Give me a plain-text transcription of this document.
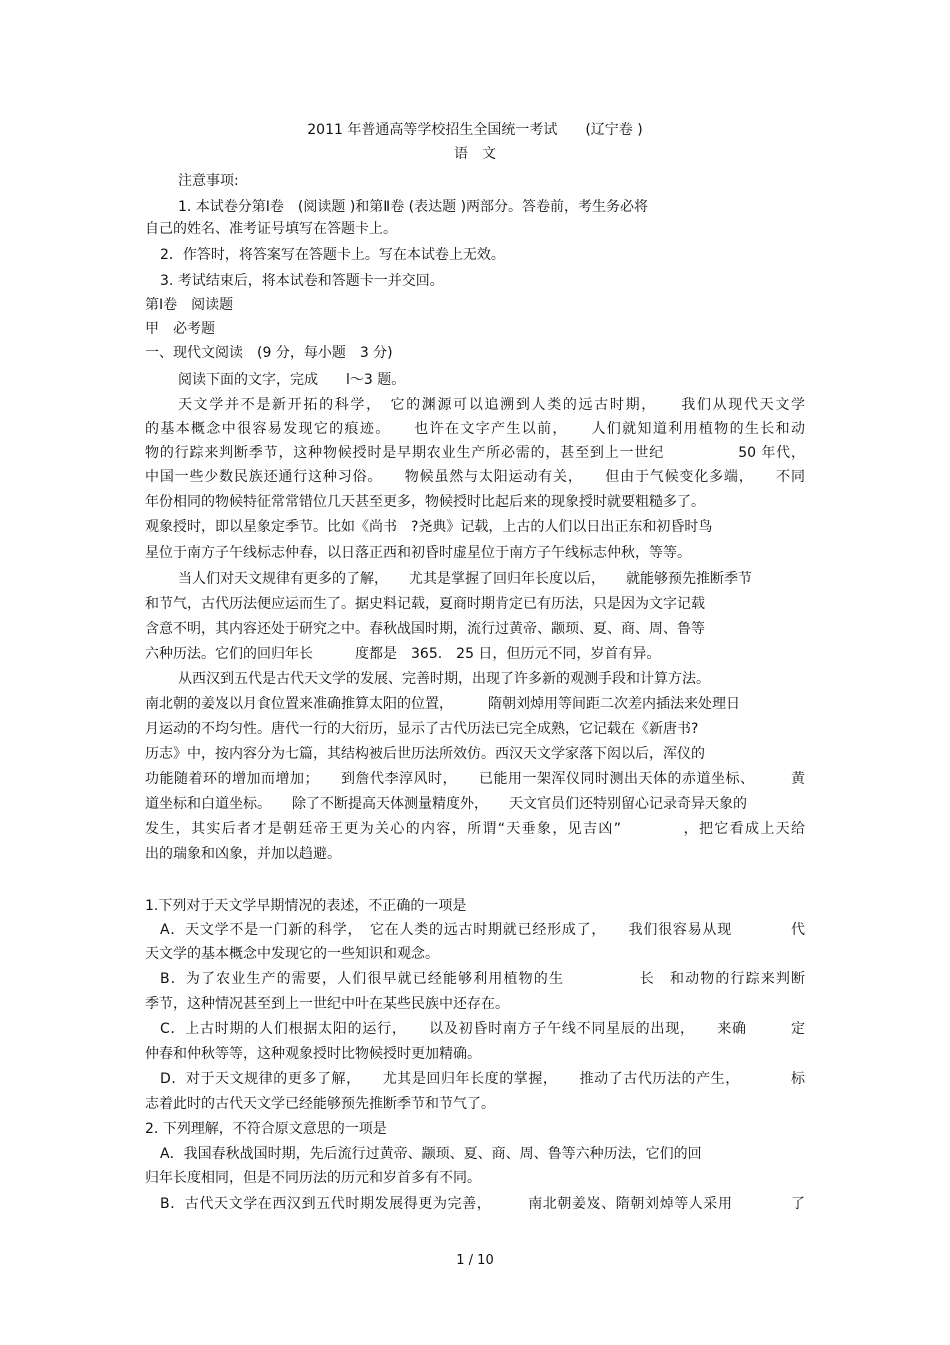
2011 年普通高等学校招生全国统一考试　　(辽宁卷 )
语　文
注意事项:
1. 本试卷分第Ⅰ卷　(阅读题 )和第Ⅱ卷 (表达题 )两部分。答卷前，考生务必将
自己的姓名、准考证号填写在答题卡上。
2．作答时，将答案写在答题卡上。写在本试卷上无效。
3. 考试结束后，将本试卷和答题卡一并交回。
第Ⅰ卷　阅读题
甲　必考题
一、现代文阅读　(9 分，每小题　3 分)
阅读下面的文字，完成　　l～3 题。
天文学并不是新开拓的科学，　它的渊源可以追溯到人类的远古时期，　　我们从现代天文学
的基本概念中很容易发现它的痕迹。　　也许在文字产生以前，　　人们就知道利用植物的生长和动
物的行踪来判断季节，这种物候授时是早期农业生产所必需的，甚至到上一世纪　　　　　50 年代，
中国一些少数民族还通行这种习俗。　　物候虽然与太阳运动有关，　　但由于气候变化多端，　　不同
年份相同的物候特征常常错位几天甚至更多，物候授时比起后来的现象授时就要粗糙多了。
观象授时，即以星象定季节。比如《尚书　?尧典》记载，上古的人们以日出正东和初昏时鸟
星位于南方子午线标志仲春，以日落正西和初昏时虚星位于南方子午线标志仲秋，等等。
当人们对天文规律有更多的了解，　　尤其是掌握了回归年长度以后，　　就能够预先推断季节
和节气，古代历法便应运而生了。据史料记载，夏商时期肯定已有历法，只是因为文字记载
含意不明，其内容还处于研究之中。春秋战国时期，流行过黄帝、颛顼、夏、商、周、鲁等
六种历法。它们的回归年长　　　度都是　365.　25 日，但历元不同，岁首有异。
从西汉到五代是古代天文学的发展、完善时期，出现了许多新的观测手段和计算方法。
南北朝的姜岌以月食位置来准确推算太阳的位置，　　　隋朝刘焯用等间距二次差内插法来处理日
月运动的不均匀性。唐代一行的大衍历，显示了古代历法已完全成熟，它记载在《新唐书?
历志》中，按内容分为七篇，其结构被后世历法所效仿。西汉天文学家落下闳以后，浑仪的
功能随着环的增加而增加；　　到詹代李淳风时，　　已能用一架浑仪同时测出天体的赤道坐标、　　　黄
道坐标和白道坐标。　　除了不断提高天体测量精度外，　　天文官员们还特别留心记录奇异天象的
发生，其实后者才是朝廷帝王更为关心的内容，所谓“天垂象，见吉凶”　　　　，把它看成上天给
出的瑞象和凶象，并加以趋避。
1.下列对于天文学早期情况的表述，不正确的一项是
A．天文学不是一门新的科学，　它在人类的远古时期就已经形成了，　　我们很容易从现　　　　代
天文学的基本概念中发现它的一些知识和观念。
B．为了农业生产的需要，人们很早就已经能够利用植物的生　　　　　长　和动物的行踪来判断
季节，这种情况甚至到上一世纪中叶在某些民族中还存在。
C．上古时期的人们根据太阳的运行，　　以及初昏时南方子午线不同星辰的出现，　　来确　　　定
仲春和仲秋等等，这种观象授时比物候授时更加精确。
D．对于天文规律的更多了解，　　尤其是回归年长度的掌握，　　推动了古代历法的产生，　　　　标
志着此时的古代天文学已经能够预先推断季节和节气了。
2. 下列理解，不符合原文意思的一项是
A．我国春秋战国时期，先后流行过黄帝、颛顼、夏、商、周、鲁等六种历法，它们的回
归年长度相同，但是不同历法的历元和岁首多有不同。
B．古代天文学在西汉到五代时期发展得更为完善，　　　南北朝姜岌、隋朝刘焯等人采用　　　　了
1 / 10
